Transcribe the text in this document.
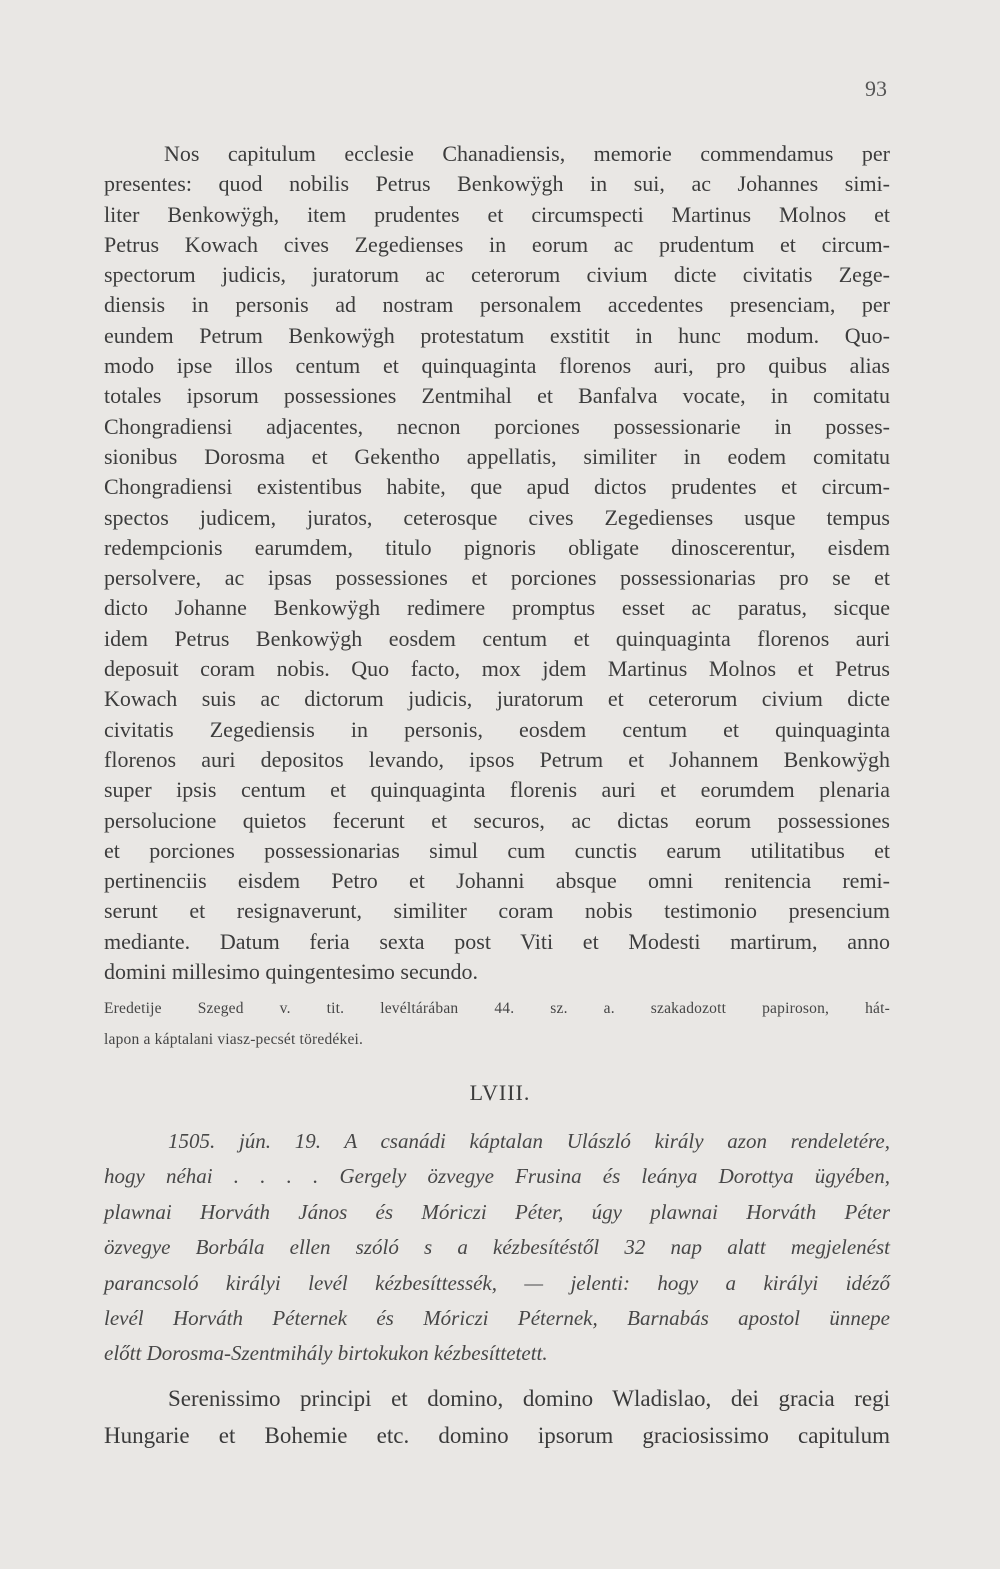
93
Nos capitulum ecclesie Chanadiensis, memorie commendamus per
presentes: quod nobilis Petrus Benkowÿgh in sui, ac Johannes simi-
liter Benkowÿgh, item prudentes et circumspecti Martinus Molnos et
Petrus Kowach cives Zegedienses in eorum ac prudentum et circum-
spectorum judicis, juratorum ac ceterorum civium dicte civitatis Zege-
diensis in personis ad nostram personalem accedentes presenciam, per
eundem Petrum Benkowÿgh protestatum exstitit in hunc modum. Quo-
modo ipse illos centum et quinquaginta florenos auri, pro quibus alias
totales ipsorum possessiones Zentmihal et Banfalva vocate, in comitatu
Chongradiensi adjacentes, necnon porciones possessionarie in posses-
sionibus Dorosma et Gekentho appellatis, similiter in eodem comitatu
Chongradiensi existentibus habite, que apud dictos prudentes et circum-
spectos judicem, juratos, ceterosque cives Zegedienses usque tempus
redempcionis earumdem, titulo pignoris obligate dinoscerentur, eisdem
persolvere, ac ipsas possessiones et porciones possessionarias pro se et
dicto Johanne Benkowÿgh redimere promptus esset ac paratus, sicque
idem Petrus Benkowÿgh eosdem centum et quinquaginta florenos auri
deposuit coram nobis. Quo facto, mox jdem Martinus Molnos et Petrus
Kowach suis ac dictorum judicis, juratorum et ceterorum civium dicte
civitatis Zegediensis in personis, eosdem centum et quinquaginta
florenos auri depositos levando, ipsos Petrum et Johannem Benkowÿgh
super ipsis centum et quinquaginta florenis auri et eorumdem plenaria
persolucione quietos fecerunt et securos, ac dictas eorum possessiones
et porciones possessionarias simul cum cunctis earum utilitatibus et
pertinenciis eisdem Petro et Johanni absque omni renitencia remi-
serunt et resignaverunt, similiter coram nobis testimonio presencium
mediante. Datum feria sexta post Viti et Modesti martirum, anno
domini millesimo quingentesimo secundo.
Eredetije Szeged v. tit. levéltárában 44. sz. a. szakadozott papiroson, hát-
lapon a káptalani viasz-pecsét töredékei.
LVIII.
1505. jún. 19. A csanádi káptalan Ulászló király azon rendeletére,
hogy néhai . . . . Gergely özvegye Frusina és leánya Dorottya ügyében,
plawnai Horváth János és Móriczi Péter, úgy plawnai Horváth Péter
özvegye Borbála ellen szóló s a kézbesítéstől 32 nap alatt megjelenést
parancsoló királyi levél kézbesíttessék, — jelenti: hogy a királyi idéző
levél Horváth Péternek és Móriczi Péternek, Barnabás apostol ünnepe
előtt Dorosma-Szentmihály birtokukon kézbesíttetett.
Serenissimo principi et domino, domino Wladislao, dei gracia regi
Hungarie et Bohemie etc. domino ipsorum graciosissimo capitulum
